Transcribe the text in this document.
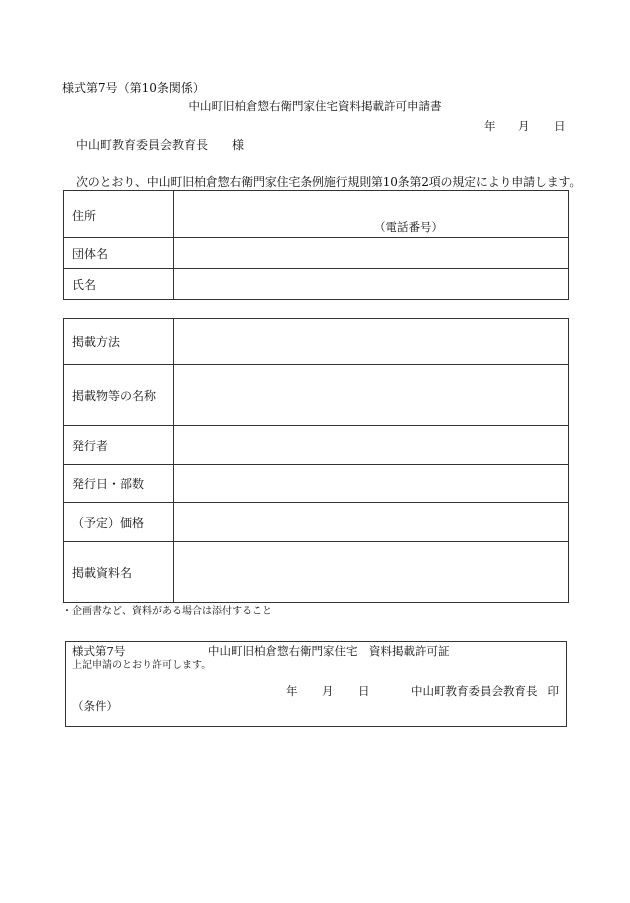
様式第7号（第10条関係）
中山町旧柏倉惣右衛門家住宅資料掲載許可申請書
年 月 日
中山町教育委員会教育長 様
次のとおり、中山町旧柏倉惣右衛門家住宅条例施行規則第10条第2項の規定により申請します。
住所	（電話番号）

団体名	
氏名	
掲載方法	
掲載物等の名称	
発行者	
発行日・部数	
（予定）価格	
掲載資料名	
・企画書など、資料がある場合は添付すること
様式第7号	中山町旧柏倉惣右衛門家住宅　資料掲載許可証
上記申請のとおり許可します。
年 月 日	中山町教育委員会教育長 印
（条件）
